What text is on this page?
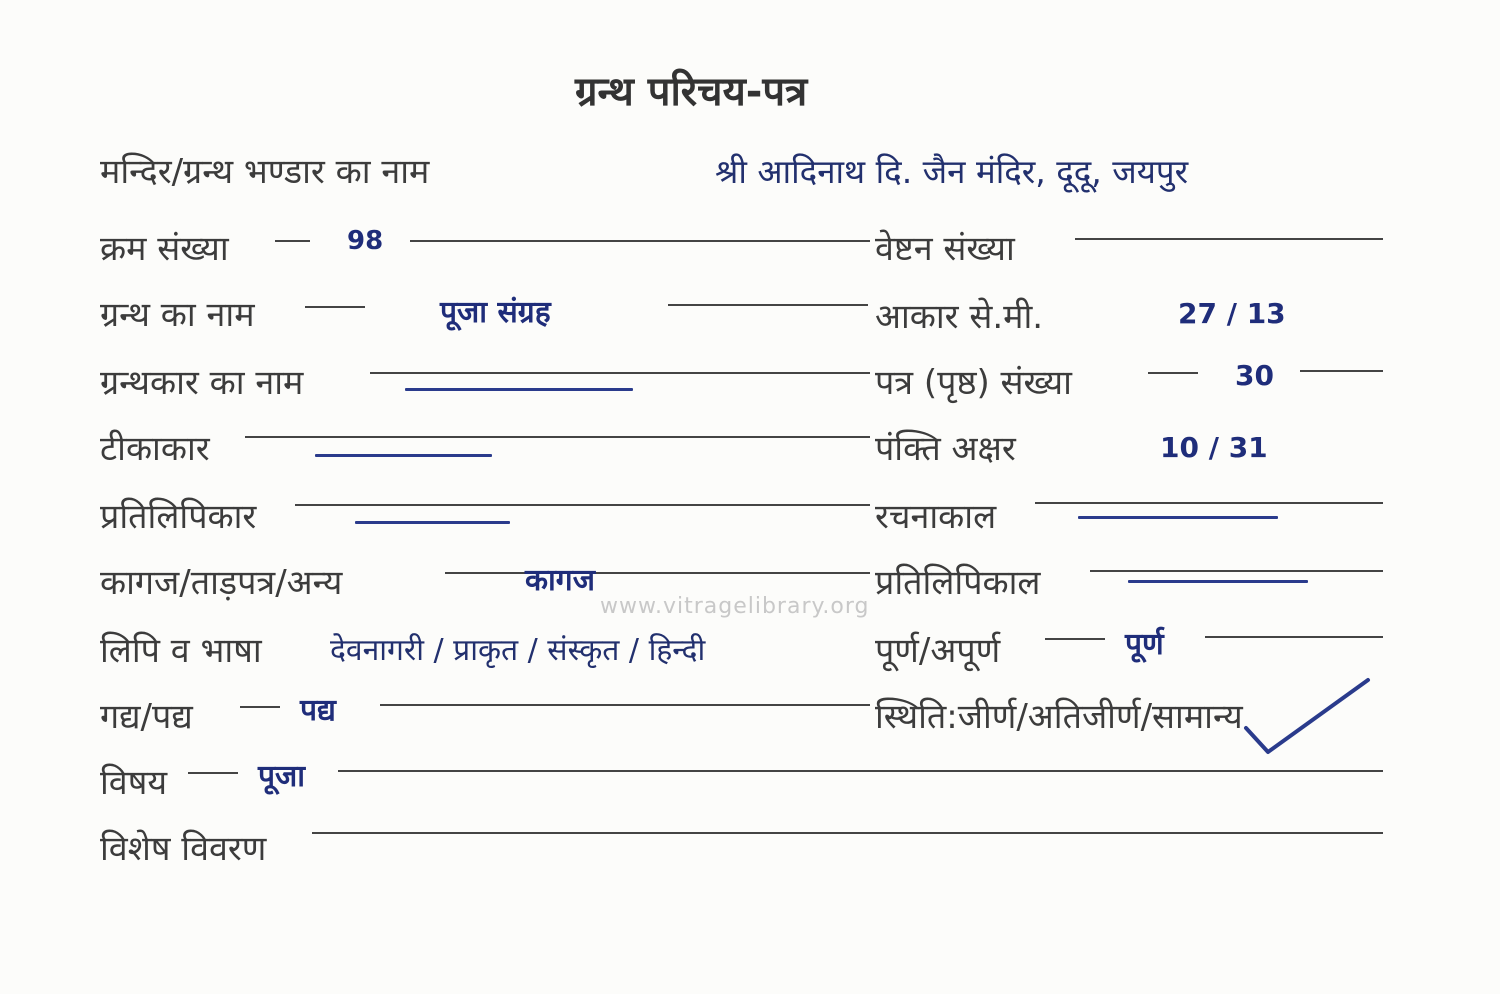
ग्रन्थ परिचय-पत्र
मन्दिर/ग्रन्थ भण्डार का नाम	श्री आदिनाथ दि. जैन मंदिर, दूदू, जयपुर
क्रम संख्या	98	वेष्टन संख्या
ग्रन्थ का नाम	पूजा संग्रह	आकार से.मी.	27 / 13
ग्रन्थकार का नाम	पत्र (पृष्ठ) संख्या	30
टीकाकार	पंक्ति अक्षर	10 / 31
प्रतिलिपिकार	रचनाकाल
कागज/ताड़पत्र/अन्य	कागज	प्रतिलिपिकाल
www.vitragelibrary.org
लिपि व भाषा देवनागरी / प्राकृत / संस्कृत / हिन्दी	पूर्ण/अपूर्ण	पूर्ण
गद्य/पद्य	पद्य	स्थिति:जीर्ण/अतिजीर्ण/सामान्य
विषय	पूजा
विशेष विवरण
